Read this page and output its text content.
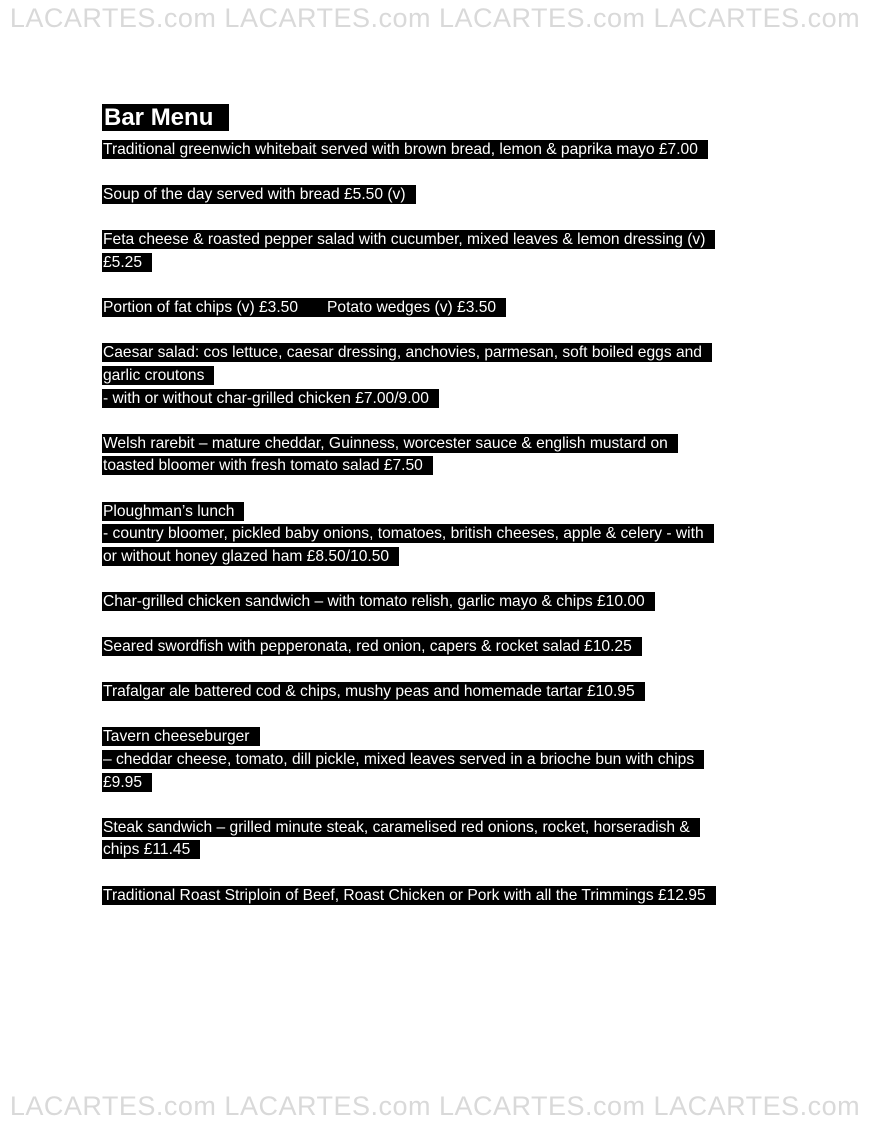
LACARTES.com LACARTES.com LACARTES.com LACARTES.com
Bar Menu
Traditional greenwich whitebait served with brown bread, lemon & paprika mayo £7.00
Soup of the day served with bread £5.50 (v)
Feta cheese & roasted pepper salad with cucumber, mixed leaves & lemon dressing (v)
£5.25
Portion of fat chips (v) £3.50 Potato wedges (v) £3.50
Caesar salad: cos lettuce, caesar dressing, anchovies, parmesan, soft boiled eggs and
garlic croutons
- with or without char-grilled chicken £7.00/9.00
Welsh rarebit – mature cheddar, Guinness, worcester sauce & english mustard on
toasted bloomer with fresh tomato salad £7.50
Ploughman’s lunch
- country bloomer, pickled baby onions, tomatoes, british cheeses, apple & celery - with
or without honey glazed ham £8.50/10.50
Char-grilled chicken sandwich – with tomato relish, garlic mayo & chips £10.00
Seared swordfish with pepperonata, red onion, capers & rocket salad £10.25
Trafalgar ale battered cod & chips, mushy peas and homemade tartar £10.95
Tavern cheeseburger
– cheddar cheese, tomato, dill pickle, mixed leaves served in a brioche bun with chips
£9.95
Steak sandwich – grilled minute steak, caramelised red onions, rocket, horseradish &
chips £11.45
Traditional Roast Striploin of Beef, Roast Chicken or Pork with all the Trimmings £12.95
LACARTES.com LACARTES.com LACARTES.com LACARTES.com
